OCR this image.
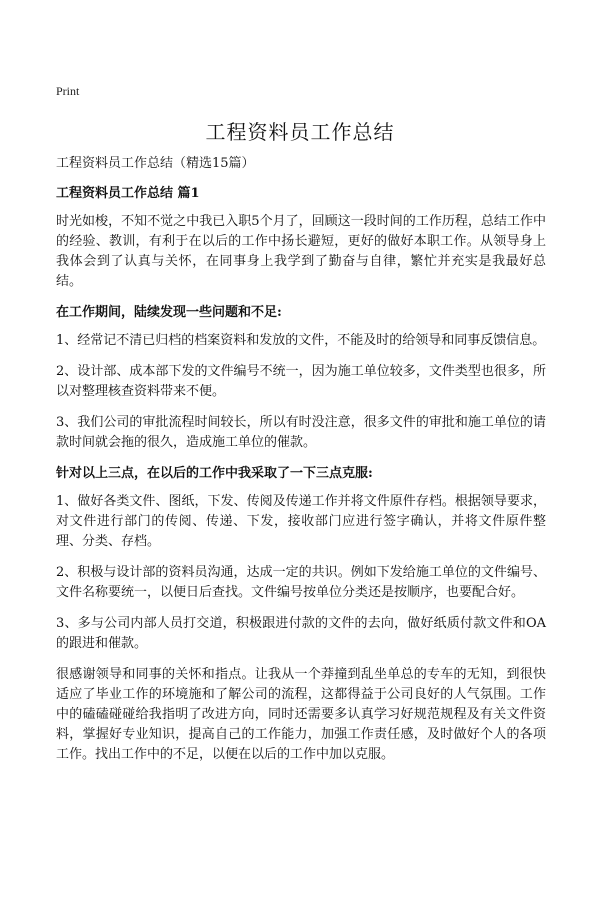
Print
工程资料员工作总结

工程资料员工作总结（精选15篇）

工程资料员工作总结 篇1

时光如梭，不知不觉之中我已入职5个月了，回顾这一段时间的工作历程，总结工作中的经验、教训，有利于在以后的工作中扬长避短，更好的做好本职工作。从领导身上我体会到了认真与关怀，在同事身上我学到了勤奋与自律，繁忙并充实是我最好总结。

在工作期间，陆续发现一些问题和不足:

1、经常记不清已归档的档案资料和发放的文件，不能及时的给领导和同事反馈信息。

2、设计部、成本部下发的文件编号不统一，因为施工单位较多，文件类型也很多，所以对整理核查资料带来不便。

3、我们公司的审批流程时间较长，所以有时没注意，很多文件的审批和施工单位的请款时间就会拖的很久，造成施工单位的催款。

针对以上三点，在以后的工作中我采取了一下三点克服:

1、做好各类文件、图纸，下发、传阅及传递工作并将文件原件存档。根据领导要求，对文件进行部门的传阅、传递、下发，接收部门应进行签字确认，并将文件原件整理、分类、存档。

2、积极与设计部的资料员沟通，达成一定的共识。例如下发给施工单位的文件编号、文件名称要统一，以便日后查找。文件编号按单位分类还是按顺序，也要配合好。

3、多与公司内部人员打交道，积极跟进付款的文件的去向，做好纸质付款文件和OA的跟进和催款。

很感谢领导和同事的关怀和指点。让我从一个莽撞到乱坐单总的专车的无知，到很快适应了毕业工作的环境施和了解公司的流程，这都得益于公司良好的人气氛围。工作中的磕磕碰碰给我指明了改进方向，同时还需要多认真学习好规范规程及有关文件资料，掌握好专业知识，提高自己的工作能力，加强工作责任感，及时做好个人的各项工作。找出工作中的不足，以便在以后的工作中加以克服。
